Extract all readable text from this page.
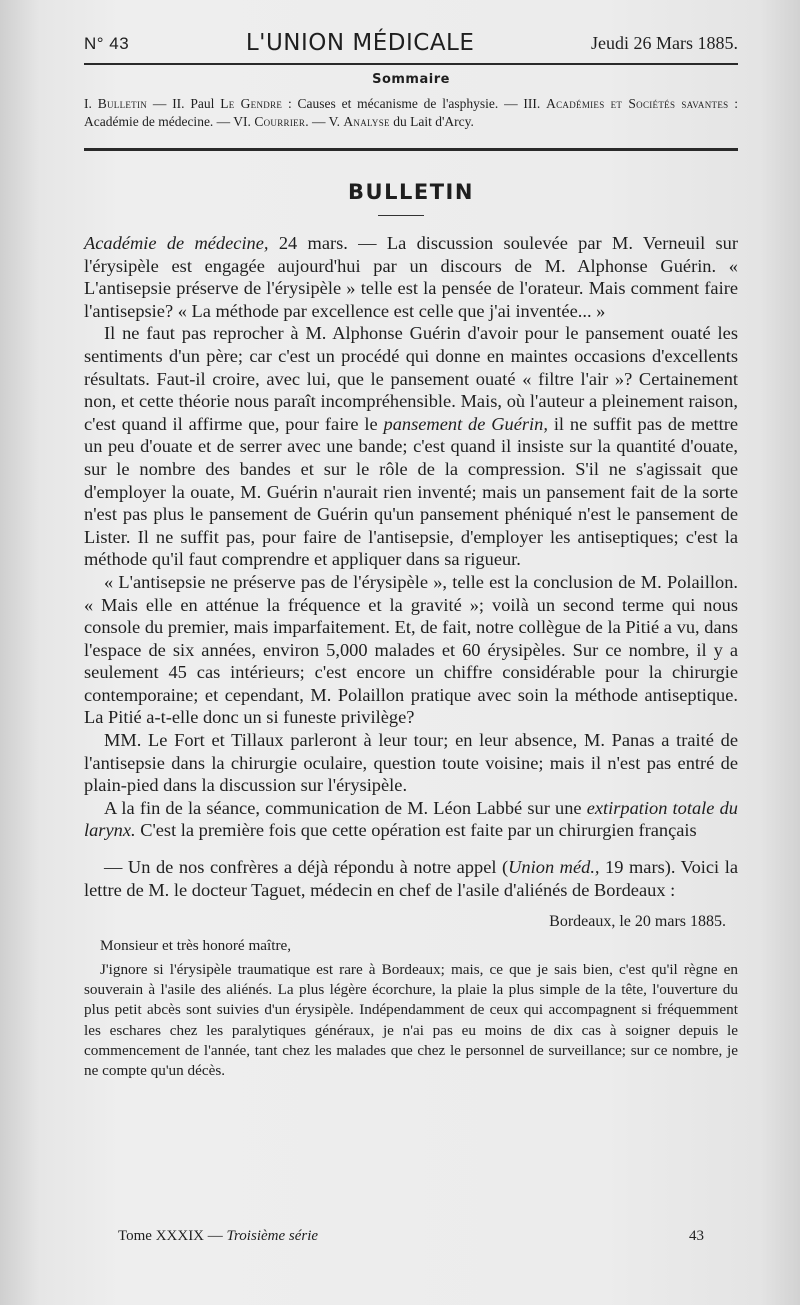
N° 43	L'UNION MÉDICALE	Jeudi 26 Mars 1885.
Sommaire
I. Bulletin — II. Paul Le Gendre : Causes et mécanisme de l'asphysie. — III. Académies et Sociétés savantes : Académie de médecine. — VI. Courrier. — V. Analyse du Lait d'Arcy.
BULLETIN

Académie de médecine, 24 mars. — La discussion soulevée par M. Verneuil sur l'érysipèle est engagée aujourd'hui par un discours de M. Alphonse Guérin. « L'antisepsie préserve de l'érysipèle » telle est la pensée de l'orateur. Mais comment faire l'antisepsie? « La méthode par excellence est celle que j'ai inventée... »

Il ne faut pas reprocher à M. Alphonse Guérin d'avoir pour le pansement ouaté les sentiments d'un père; car c'est un procédé qui donne en maintes occasions d'excellents résultats. Faut-il croire, avec lui, que le pansement ouaté « filtre l'air »? Certainement non, et cette théorie nous paraît incompréhensible. Mais, où l'auteur a pleinement raison, c'est quand il affirme que, pour faire le pansement de Guérin, il ne suffit pas de mettre un peu d'ouate et de serrer avec une bande; c'est quand il insiste sur la quantité d'ouate, sur le nombre des bandes et sur le rôle de la compression. S'il ne s'agissait que d'employer la ouate, M. Guérin n'aurait rien inventé; mais un pansement fait de la sorte n'est pas plus le pansement de Guérin qu'un pansement phéniqué n'est le pansement de Lister. Il ne suffit pas, pour faire de l'antisepsie, d'employer les antiseptiques; c'est la méthode qu'il faut comprendre et appliquer dans sa rigueur.

« L'antisepsie ne préserve pas de l'érysipèle », telle est la conclusion de M. Polaillon. « Mais elle en atténue la fréquence et la gravité »; voilà un second terme qui nous console du premier, mais imparfaitement. Et, de fait, notre collègue de la Pitié a vu, dans l'espace de six années, environ 5,000 malades et 60 érysipèles. Sur ce nombre, il y a seulement 45 cas intérieurs; c'est encore un chiffre considérable pour la chirurgie contemporaine; et cependant, M. Polaillon pratique avec soin la méthode antiseptique. La Pitié a-t-elle donc un si funeste privilège?

MM. Le Fort et Tillaux parleront à leur tour; en leur absence, M. Panas a traité de l'antisepsie dans la chirurgie oculaire, question toute voisine; mais il n'est pas entré de plain-pied dans la discussion sur l'érysipèle.

A la fin de la séance, communication de M. Léon Labbé sur une extirpation totale du larynx. C'est la première fois que cette opération est faite par un chirurgien français

— Un de nos confrères a déjà répondu à notre appel (Union méd., 19 mars). Voici la lettre de M. le docteur Taguet, médecin en chef de l'asile d'aliénés de Bordeaux :

Bordeaux, le 20 mars 1885.

Monsieur et très honoré maître,

J'ignore si l'érysipèle traumatique est rare à Bordeaux; mais, ce que je sais bien, c'est qu'il règne en souverain à l'asile des aliénés. La plus légère écorchure, la plaie la plus simple de la tête, l'ouverture du plus petit abcès sont suivies d'un érysipèle. Indépendamment de ceux qui accompagnent si fréquemment les eschares chez les paralytiques généraux, je n'ai pas eu moins de dix cas à soigner depuis le commencement de l'année, tant chez les malades que chez le personnel de surveillance; sur ce nombre, je ne compte qu'un décès.

Tome XXXIX — Troisième série	43
